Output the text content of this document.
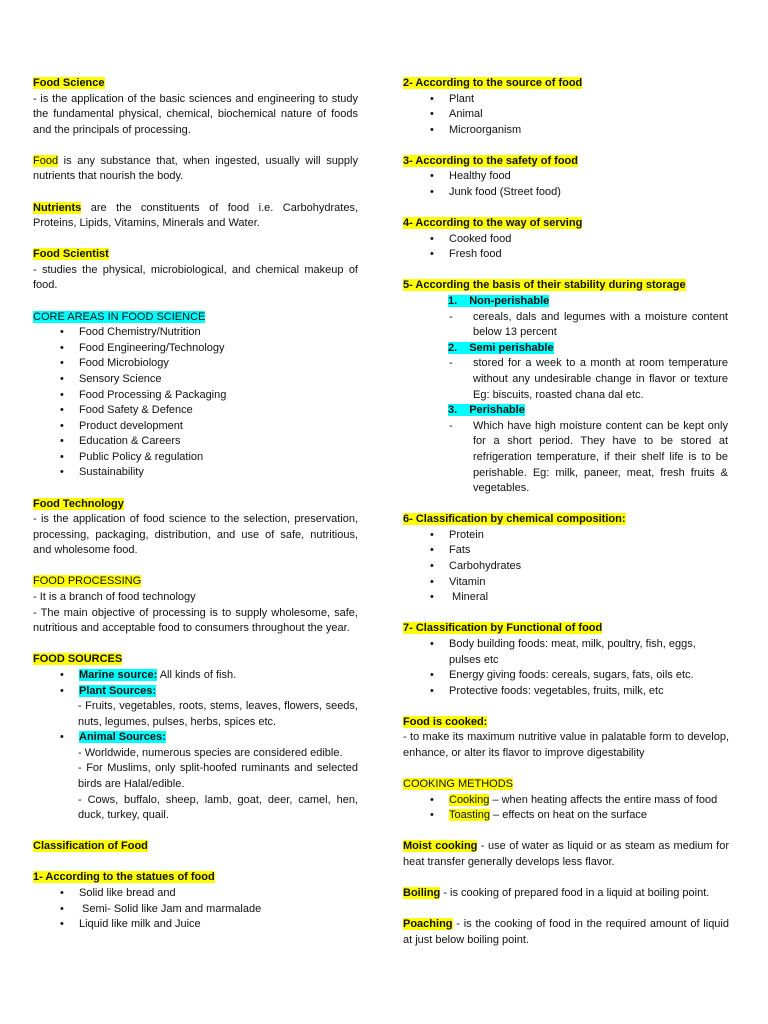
Food Science

- is the application of the basic sciences and engineering to study the fundamental physical, chemical, biochemical nature of foods and the principals of processing.

Food is any substance that, when ingested, usually will supply nutrients that nourish the body.

Nutrients are the constituents of food i.e. Carbohydrates, Proteins, Lipids, Vitamins, Minerals and Water.

Food Scientist

- studies the physical, microbiological, and chemical makeup of food.

CORE AREAS IN FOOD SCIENCE

• Food Chemistry/Nutrition
• Food Engineering/Technology
• Food Microbiology
• Sensory Science
• Food Processing & Packaging
• Food Safety & Defence
• Product development
• Education & Careers
• Public Policy & regulation
• Sustainability

Food Technology

- is the application of food science to the selection, preservation, processing, packaging, distribution, and use of safe, nutritious, and wholesome food.

FOOD PROCESSING

- It is a branch of food technology

- The main objective of processing is to supply wholesome, safe, nutritious and acceptable food to consumers throughout the year.

FOOD SOURCES

• Marine source: All kinds of fish.
• Plant Sources:

- Fruits, vegetables, roots, stems, leaves, flowers, seeds, nuts, legumes, pulses, herbs, spices etc.

• Animal Sources:

- Worldwide, numerous species are considered edible.

- For Muslims, only split-hoofed ruminants and selected birds are Halal/edible.

- Cows, buffalo, sheep, lamb, goat, deer, camel, hen, duck, turkey, quail.

Classification of Food

1- According to the statues of food

• Solid like bread and
•  Semi- Solid like Jam and marmalade
• Liquid like milk and Juice

2- According to the source of food

• Plant
• Animal
• Microorganism

3- According to the safety of food

• Healthy food
• Junk food (Street food)

4- According to the way of serving

• Cooked food
• Fresh food

5- According the basis of their stability during storage

1. Non-perishable

- cereals, dals and legumes with a moisture content below 13 percent

2. Semi perishable

- stored for a week to a month at room temperature without any undesirable change in flavor or texture Eg: biscuits, roasted chana dal etc.

3. Perishable

- Which have high moisture content can be kept only for a short period. They have to be stored at refrigeration temperature, if their shelf life is to be perishable. Eg: milk, paneer, meat, fresh fruits & vegetables.

6- Classification by chemical composition:

• Protein
• Fats
• Carbohydrates
• Vitamin
•  Mineral

7- Classification by Functional of food

• Body building foods: meat, milk, poultry, fish, eggs, pulses etc
• Energy giving foods: cereals, sugars, fats, oils etc.
• Protective foods: vegetables, fruits, milk, etc

Food is cooked:

- to make its maximum nutritive value in palatable form to develop, enhance, or alter its flavor to improve digestability

COOKING METHODS

• Cooking – when heating affects the entire mass of food
• Toasting – effects on heat on the surface

Moist cooking - use of water as liquid or as steam as medium for heat transfer generally develops less flavor.

Boiling - is cooking of prepared food in a liquid at boiling point.

Poaching - is the cooking of food in the required amount of liquid at just below boiling point.
